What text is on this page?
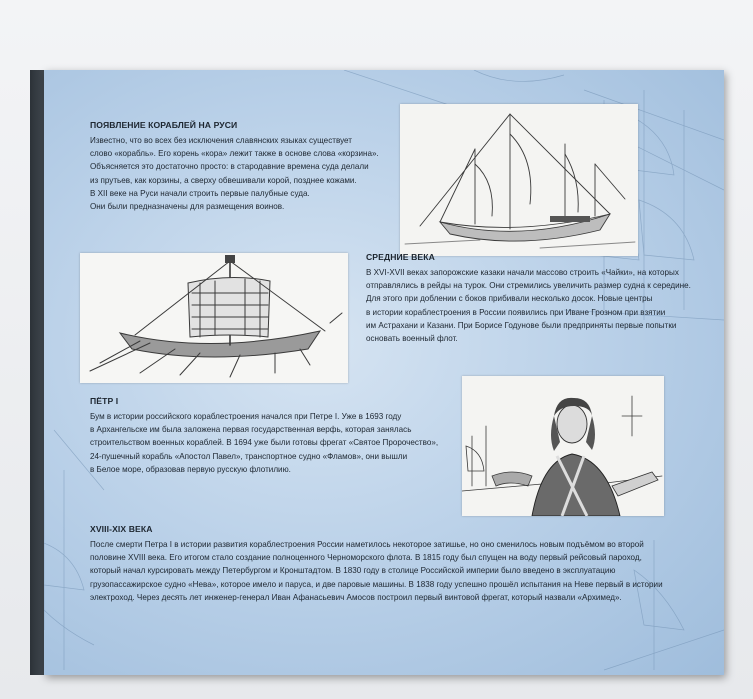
ПОЯВЛЕНИЕ КОРАБЛЕЙ НА РУСИ
Известно, что во всех без исключения славянских языках существует
слово «корабль». Его корень «кора» лежит также в основе слова «корзина».
Объясняется это достаточно просто: в стародавние времена суда делали
из прутьев, как корзины, а сверху обвешивали корой, позднее кожами.
В XII веке на Руси начали строить первые палубные суда.
Они были предназначены для размещения воинов.
СРЕДНИЕ ВЕКА
В XVI-XVII веках запорожские казаки начали массово строить «Чайки», на которых
отправлялись в рейды на турок. Они стремились увеличить размер судна к середине.
Для этого при доблении с боков прибивали несколько досок. Новые центры
в истории кораблестроения в России появились при Иване Грозном при взятии
им Астрахани и Казани. При Борисе Годунове были предприняты первые попытки
основать военный флот.
ПЁТР I
Бум в истории российского кораблестроения начался при Петре I. Уже в 1693 году
в Архангельске им была заложена первая государственная верфь, которая занялась
строительством военных кораблей. В 1694 уже были готовы фрегат «Святое Пророчество»,
24-пушечный корабль «Апостол Павел», транспортное судно «Фламов», они вышли
в Белое море, образовав первую русскую флотилию.
XVIII-XIX ВЕКА
После смерти Петра I в истории развития кораблестроения России наметилось некоторое затишье, но оно сменилось новым подъёмом во второй
половине XVIII века. Его итогом стало создание полноценного Черноморского флота. В 1815 году был спущен на воду первый рейсовый пароход,
который начал курсировать между Петербургом и Кронштадтом. В 1830 году в столице Российской империи было введено в эксплуатацию
грузопассажирское судно «Нева», которое имело и паруса, и две паровые машины. В 1838 году успешно прошёл испытания на Неве первый в истории
электроход. Через десять лет инженер-генерал Иван Афанасьевич Амосов построил первый винтовой фрегат, который назвали «Архимед».
